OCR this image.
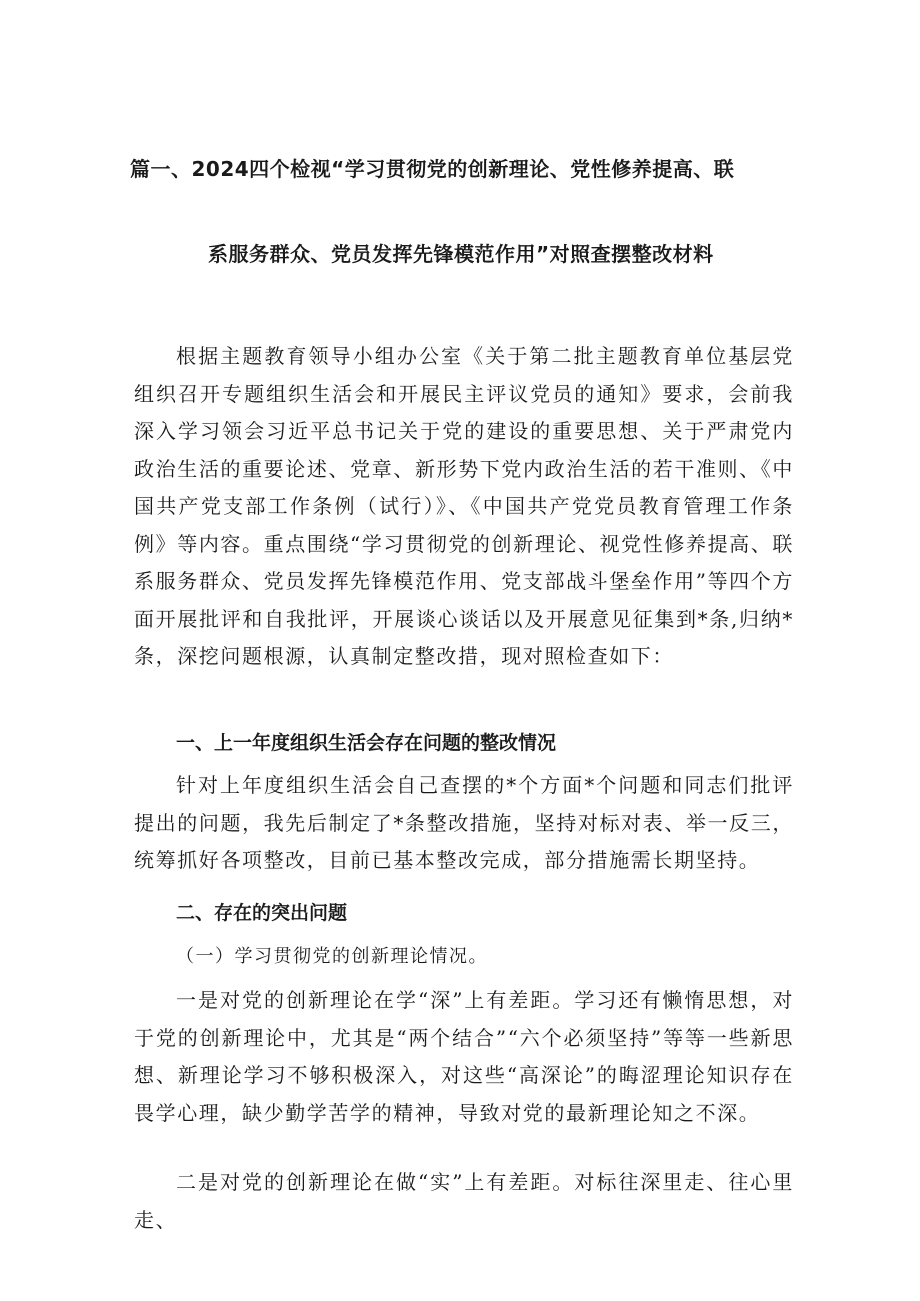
篇一、2024四个检视“学习贯彻党的创新理论、党性修养提高、联
系服务群众、党员发挥先锋模范作用”对照查摆整改材料
根据主题教育领导小组办公室《关于第二批主题教育单位基层党组织召开专题组织生活会和开展民主评议党员的通知》要求，会前我深入学习领会习近平总书记关于党的建设的重要思想、关于严肃党内政治生活的重要论述、党章、新形势下党内政治生活的若干准则、《中国共产党支部工作条例（试行）》、《中国共产党党员教育管理工作条例》等内容。重点围绕“学习贯彻党的创新理论、视党性修养提高、联系服务群众、党员发挥先锋模范作用、党支部战斗堡垒作用”等四个方面开展批评和自我批评，开展谈心谈话以及开展意见征集到*条,归纳*条，深挖问题根源，认真制定整改措，现对照检查如下：
一、上一年度组织生活会存在问题的整改情况
针对上年度组织生活会自己查摆的*个方面*个问题和同志们批评提出的问题，我先后制定了*条整改措施，坚持对标对表、举一反三，统筹抓好各项整改，目前已基本整改完成，部分措施需长期坚持。
二、存在的突出问题
（一）学习贯彻党的创新理论情况。
一是对党的创新理论在学“深”上有差距。学习还有懒惰思想，对于党的创新理论中，尤其是“两个结合”“六个必须坚持”等等一些新思想、新理论学习不够积极深入，对这些“高深论”的晦涩理论知识存在畏学心理，缺少勤学苦学的精神，导致对党的最新理论知之不深。
二是对党的创新理论在做“实”上有差距。对标往深里走、往心里走、
